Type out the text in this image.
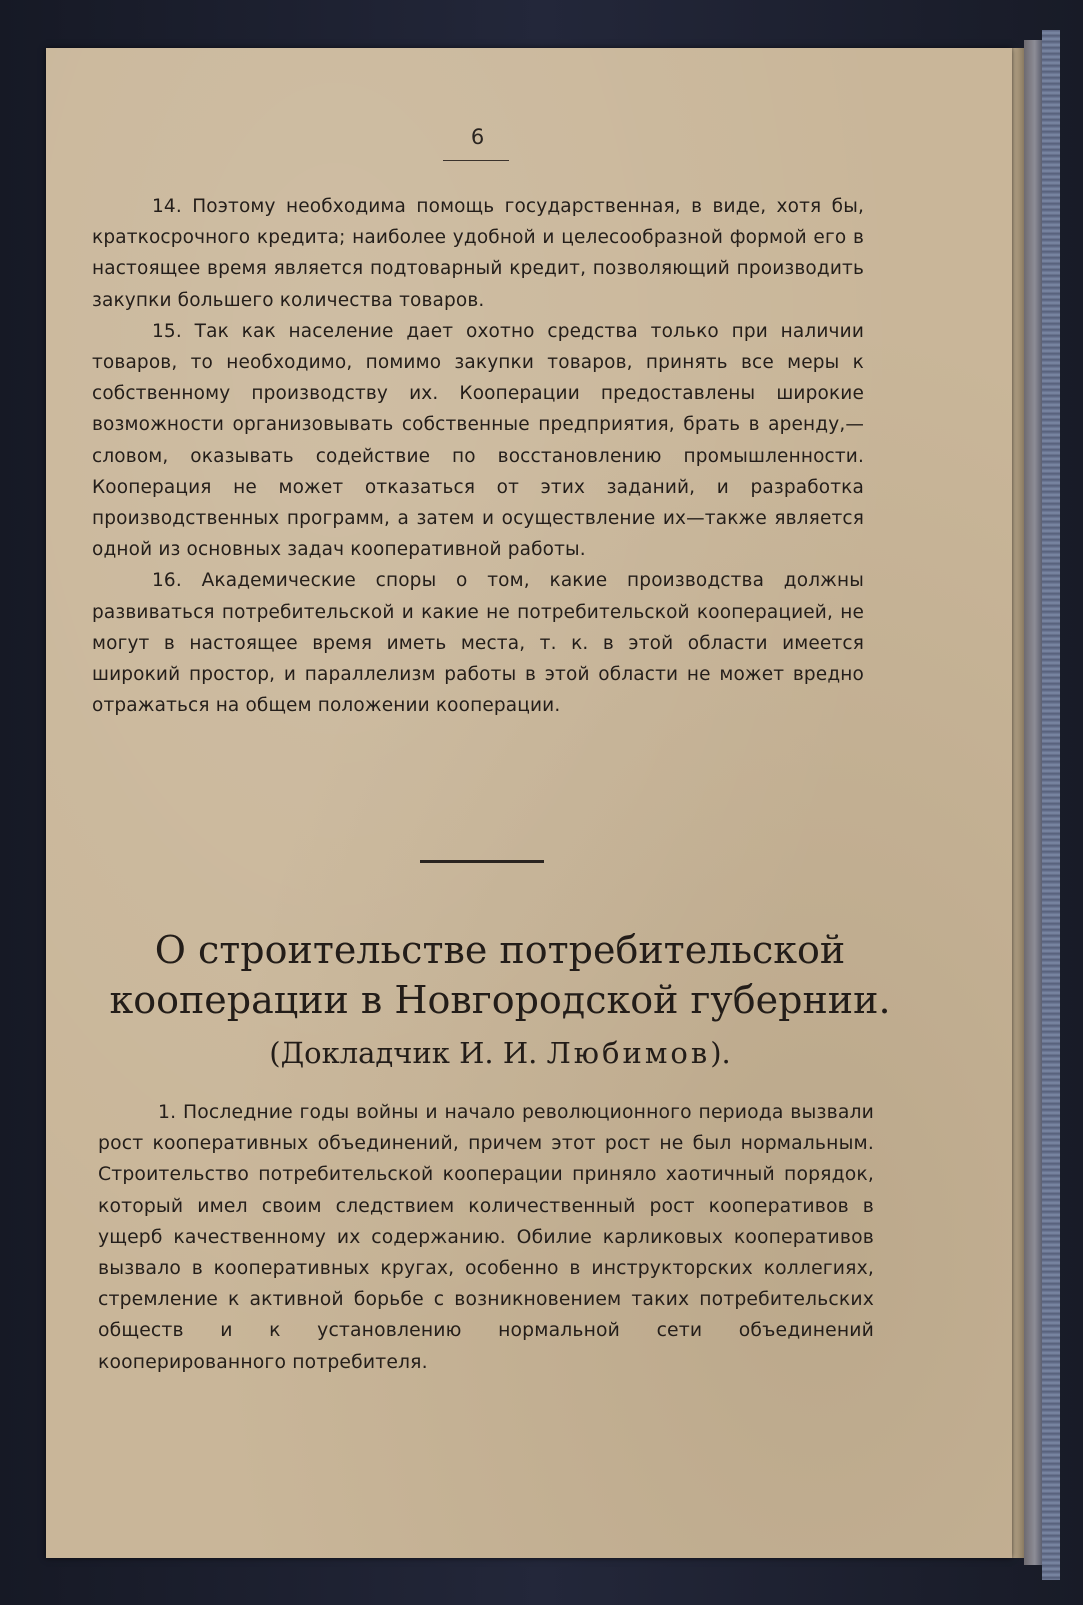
6

14. Поэтому необходима помощь государственная, в виде, хотя бы, краткосрочного кредита; наиболее удобной и целесообразной формой его в настоящее время является подтоварный кредит, позволяющий производить закупки большего количества товаров.

15. Так как население дает охотно средства только при наличии товаров, то необходимо, помимо закупки товаров, принять все меры к собственному производству их. Кооперации предоставлены широкие возможности организовывать собственные предприятия, брать в аренду,—словом, оказывать содействие по восстановлению промышленности. Кооперация не может отказаться от этих заданий, и разработка производственных программ, а затем и осуществление их—также является одной из основных задач кооперативной работы.

16. Академические споры о том, какие производства должны развиваться потребительской и какие не потребительской кооперацией, не могут в настоящее время иметь места, т. к. в этой области имеется широкий простор, и параллелизм работы в этой области не может вредно отражаться на общем положении кооперации.

О строительстве потребительской кооперации в Новгородской губернии.
(Докладчик И. И. Любимов).

1. Последние годы войны и начало революционного периода вызвали рост кооперативных объединений, причем этот рост не был нормальным. Строительство потребительской кооперации приняло хаотичный порядок, который имел своим следствием количественный рост кооперативов в ущерб качественному их содержанию. Обилие карликовых кооперативов вызвало в кооперативных кругах, особенно в инструкторских коллегиях, стремление к активной борьбе с возникновением таких потребительских обществ и к установлению нормальной сети объединений кооперированного потребителя.
